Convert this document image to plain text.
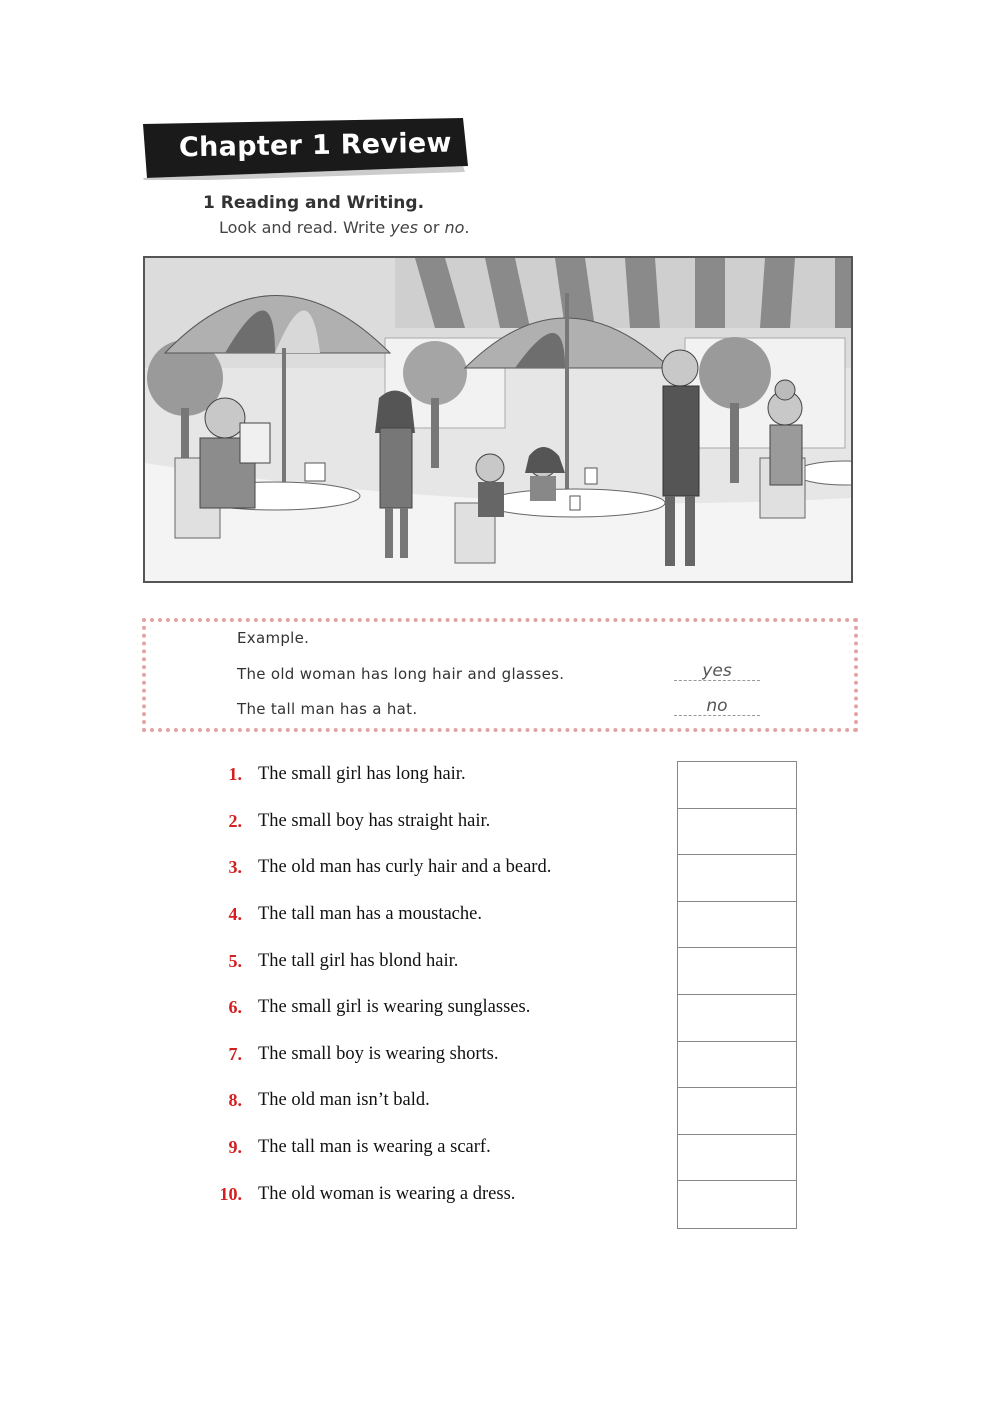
Chapter 1 Review
1 Reading and Writing.
Look and read. Write yes or no.
Example.
The old woman has long hair and glasses.	yes
The tall man has a hat.	no
1. The small girl has long hair.
2. The small boy has straight hair.
3. The old man has curly hair and a beard.
4. The tall man has a moustache.
5. The tall girl has blond hair.
6. The small girl is wearing sunglasses.
7. The small boy is wearing shorts.
8. The old man isn’t bald.
9. The tall man is wearing a scarf.
10. The old woman is wearing a dress.
